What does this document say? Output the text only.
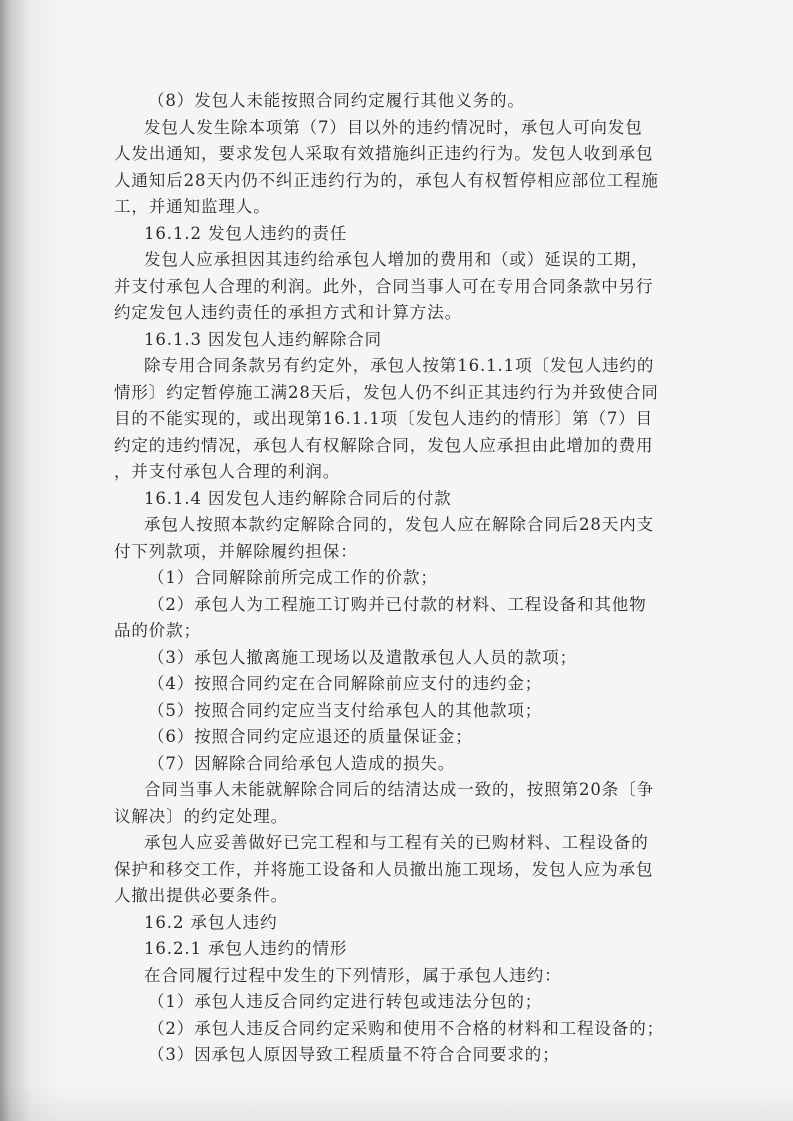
（8）发包人未能按照合同约定履行其他义务的。
发包人发生除本项第（7）目以外的违约情况时，承包人可向发包
人发出通知，要求发包人采取有效措施纠正违约行为。发包人收到承包
人通知后28天内仍不纠正违约行为的，承包人有权暂停相应部位工程施
工，并通知监理人。
16.1.2 发包人违约的责任
发包人应承担因其违约给承包人增加的费用和（或）延误的工期，
并支付承包人合理的利润。此外，合同当事人可在专用合同条款中另行
约定发包人违约责任的承担方式和计算方法。
16.1.3 因发包人违约解除合同
除专用合同条款另有约定外，承包人按第16.1.1项〔发包人违约的
情形〕约定暂停施工满28天后，发包人仍不纠正其违约行为并致使合同
目的不能实现的，或出现第16.1.1项〔发包人违约的情形〕第（7）目
约定的违约情况，承包人有权解除合同，发包人应承担由此增加的费用
，并支付承包人合理的利润。
16.1.4 因发包人违约解除合同后的付款
承包人按照本款约定解除合同的，发包人应在解除合同后28天内支
付下列款项，并解除履约担保：
（1）合同解除前所完成工作的价款；
（2）承包人为工程施工订购并已付款的材料、工程设备和其他物
品的价款；
（3）承包人撤离施工现场以及遣散承包人人员的款项；
（4）按照合同约定在合同解除前应支付的违约金；
（5）按照合同约定应当支付给承包人的其他款项；
（6）按照合同约定应退还的质量保证金；
（7）因解除合同给承包人造成的损失。
合同当事人未能就解除合同后的结清达成一致的，按照第20条〔争
议解决〕的约定处理。
承包人应妥善做好已完工程和与工程有关的已购材料、工程设备的
保护和移交工作，并将施工设备和人员撤出施工现场，发包人应为承包
人撤出提供必要条件。
16.2 承包人违约
16.2.1 承包人违约的情形
在合同履行过程中发生的下列情形，属于承包人违约：
（1）承包人违反合同约定进行转包或违法分包的；
（2）承包人违反合同约定采购和使用不合格的材料和工程设备的；
（3）因承包人原因导致工程质量不符合合同要求的；
